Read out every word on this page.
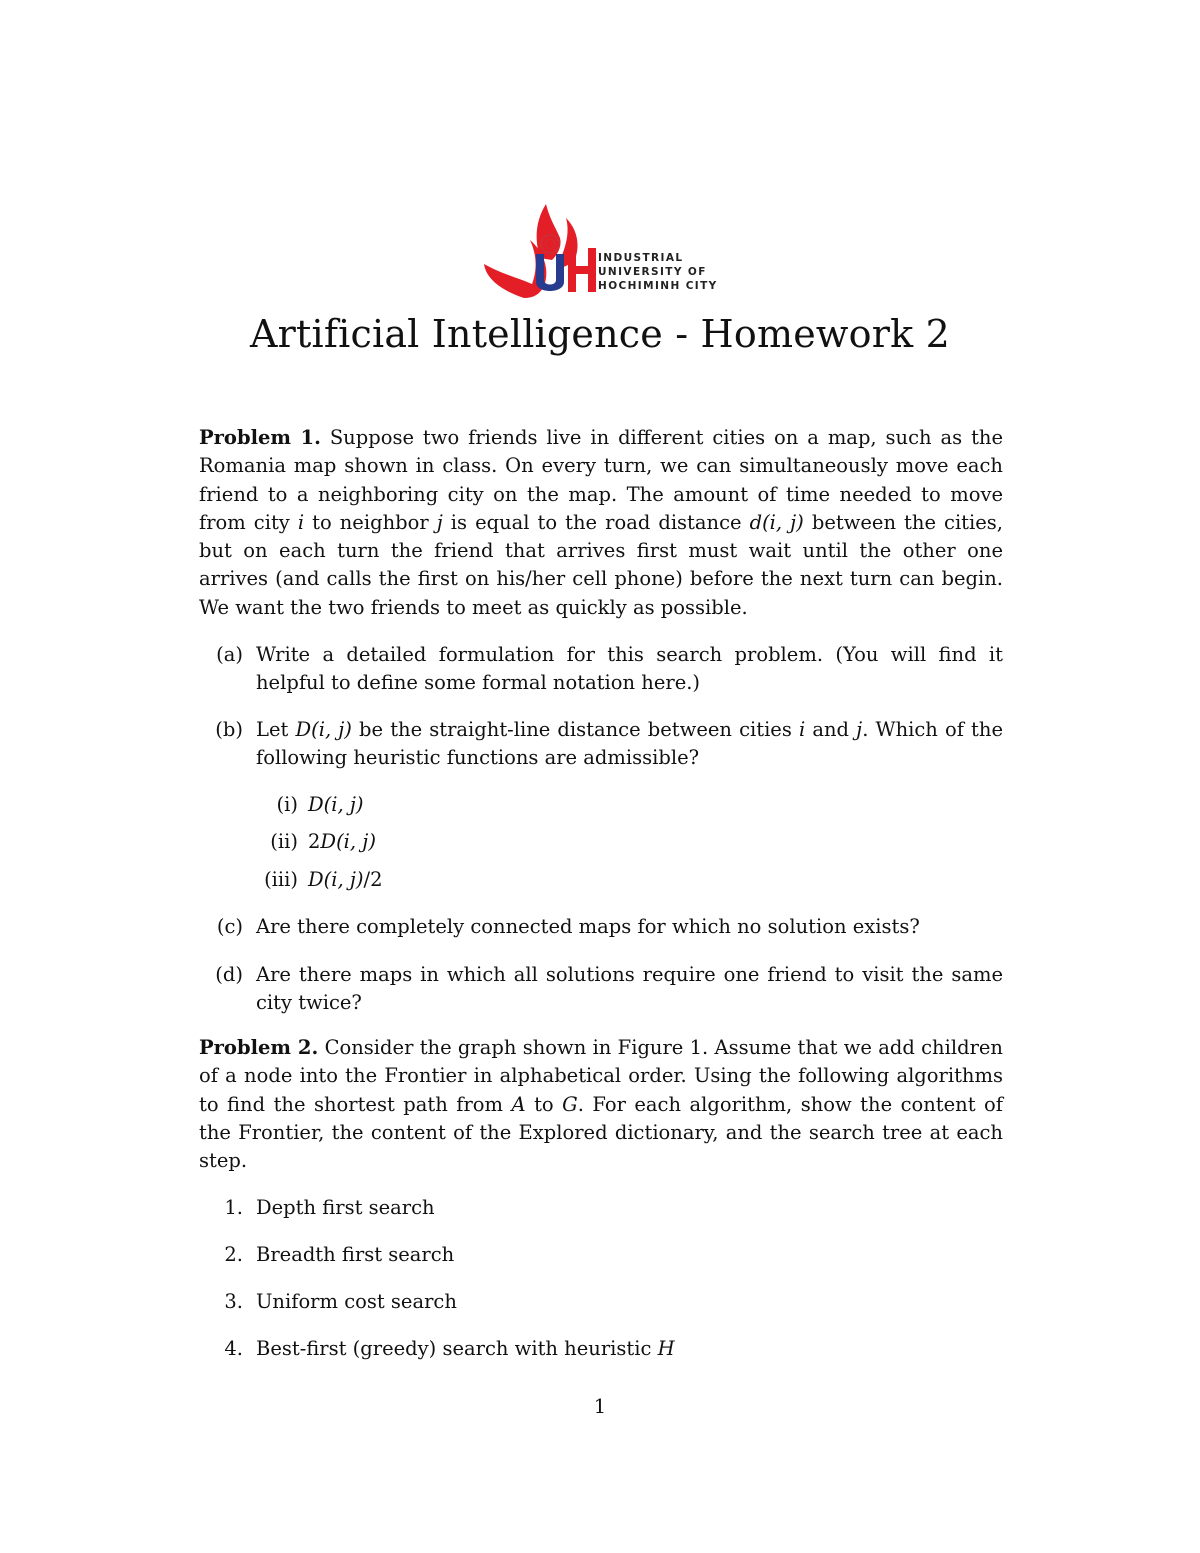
INDUSTRIAL
UNIVERSITY OF
HOCHIMINH CITY
Artificial Intelligence - Homework 2
Problem 1. Suppose two friends live in different cities on a map, such as the Romania map shown in class. On every turn, we can simultaneously move each friend to a neighboring city on the map. The amount of time needed to move from city i to neighbor j is equal to the road distance d(i, j) between the cities, but on each turn the friend that arrives first must wait until the other one arrives (and calls the first on his/her cell phone) before the next turn can begin. We want the two friends to meet as quickly as possible.
(a) Write a detailed formulation for this search problem. (You will find it helpful to define some formal notation here.)
(b) Let D(i, j) be the straight-line distance between cities i and j. Which of the following heuristic functions are admissible?
(i) D(i, j)
(ii) 2D(i, j)
(iii) D(i, j)/2
(c) Are there completely connected maps for which no solution exists?
(d) Are there maps in which all solutions require one friend to visit the same city twice?
Problem 2. Consider the graph shown in Figure 1. Assume that we add children of a node into the Frontier in alphabetical order. Using the following algorithms to find the shortest path from A to G. For each algorithm, show the content of the Frontier, the content of the Explored dictionary, and the search tree at each step.
1. Depth first search
2. Breadth first search
3. Uniform cost search
4. Best-first (greedy) search with heuristic H
1
